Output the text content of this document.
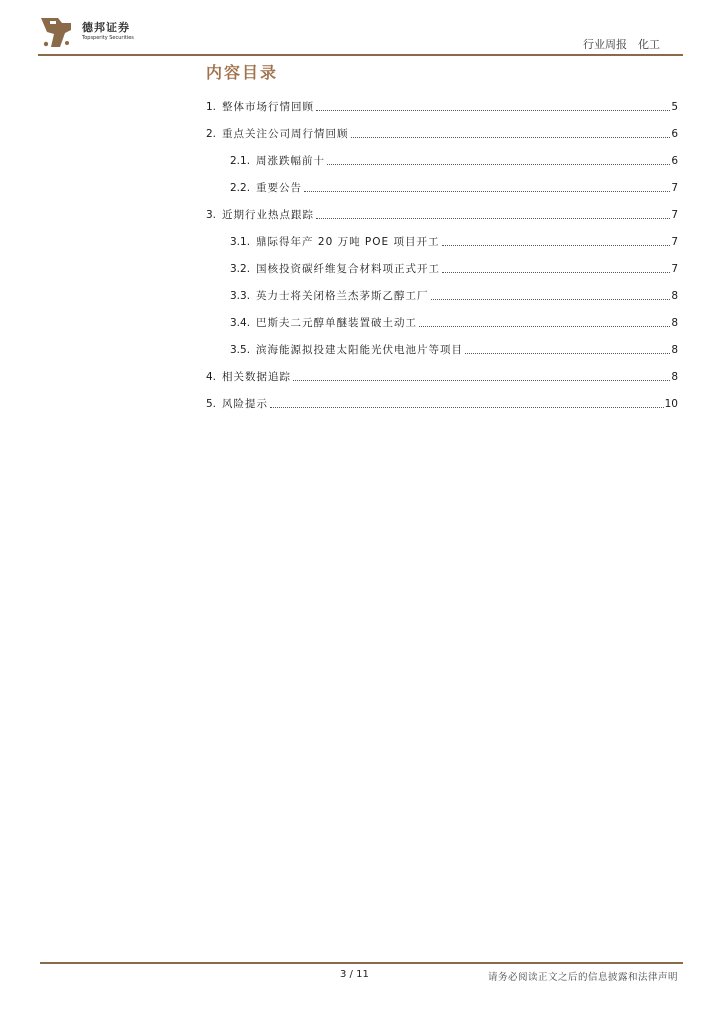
德邦证券
Topsperity Securities	行业周报　化工
内容目录
1. 整体市场行情回顾	5
2. 重点关注公司周行情回顾	6
2.1. 周涨跌幅前十	6
2.2. 重要公告	7
3. 近期行业热点跟踪	7
3.1. 鼎际得年产 20 万吨 POE 项目开工	7
3.2. 国核投资碳纤维复合材料项正式开工	7
3.3. 英力士将关闭格兰杰茅斯乙醇工厂	8
3.4. 巴斯夫二元醇单醚装置破土动工	8
3.5. 滨海能源拟投建太阳能光伏电池片等项目	8
4. 相关数据追踪	8
5. 风险提示	10
3 / 11	请务必阅读正文之后的信息披露和法律声明
